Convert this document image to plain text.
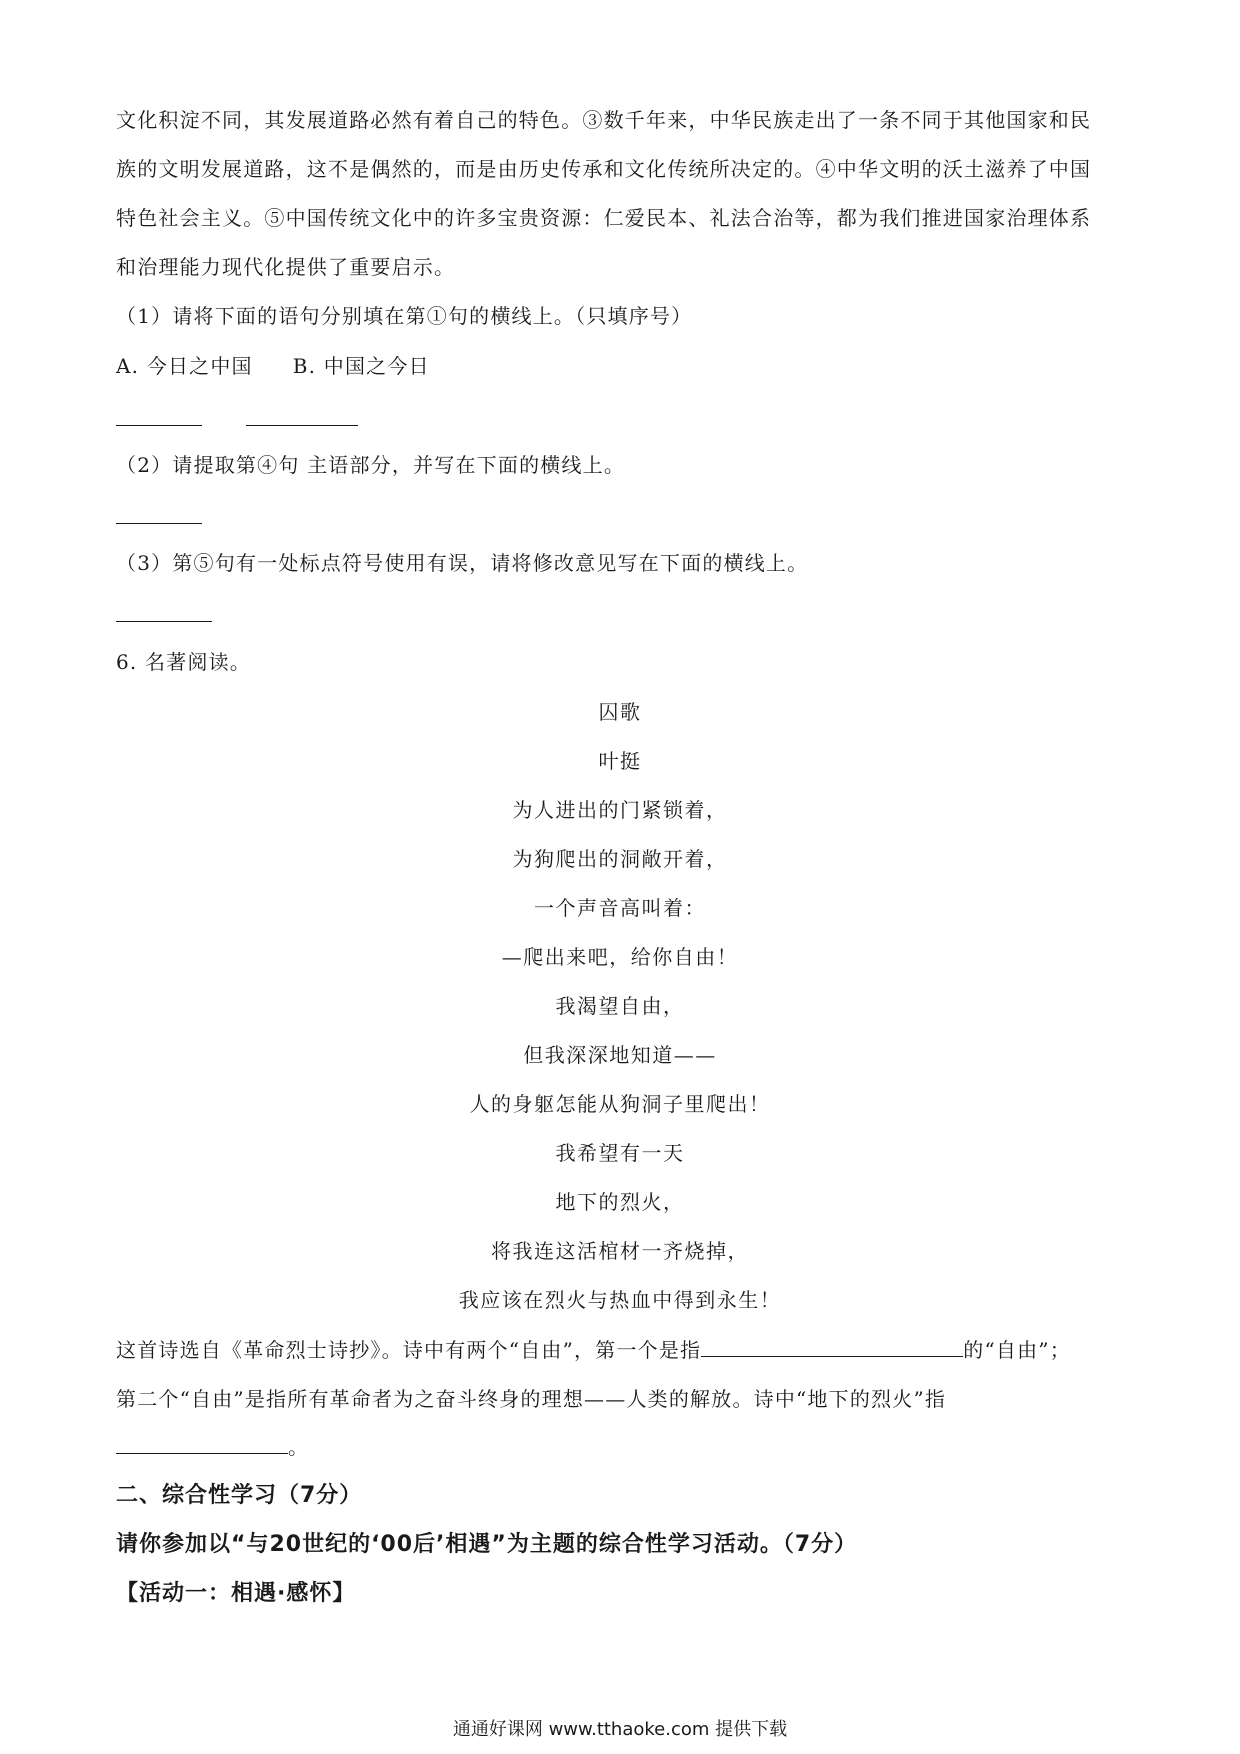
文化积淀不同，其发展道路必然有着自己的特色。③数千年来，中华民族走出了一条不同于其他国家和民
族的文明发展道路，这不是偶然的，而是由历史传承和文化传统所决定的。④中华文明的沃土滋养了中国
特色社会主义。⑤中国传统文化中的许多宝贵资源：仁爱民本、礼法合治等，都为我们推进国家治理体系
和治理能力现代化提供了重要启示。
（1）请将下面的语句分别填在第①句的横线上。（只填序号）
A. 今日之中国 B. 中国之今日
（2）请提取第④句 主语部分，并写在下面的横线上。
（3）第⑤句有一处标点符号使用有误，请将修改意见写在下面的横线上。
6. 名著阅读。
囚歌
叶挺
为人进出的门紧锁着，
为狗爬出的洞敞开着，
一个声音高叫着：
—爬出来吧，给你自由！
我渴望自由，
但我深深地知道——
人的身躯怎能从狗洞子里爬出！
我希望有一天
地下的烈火，
将我连这活棺材一齐烧掉，
我应该在烈火与热血中得到永生！
这首诗选自《革命烈士诗抄》。诗中有两个“自由”，第一个是指	的“自由”；
第二个“自由”是指所有革命者为之奋斗终身的理想——人类的解放。诗中“地下的烈火”指
。
二、综合性学习（7分）
请你参加以“与20世纪的‘00后’相遇”为主题的综合性学习活动。（7分）
【活动一：相遇·感怀】
通通好课网 www.tthaoke.com 提供下载
